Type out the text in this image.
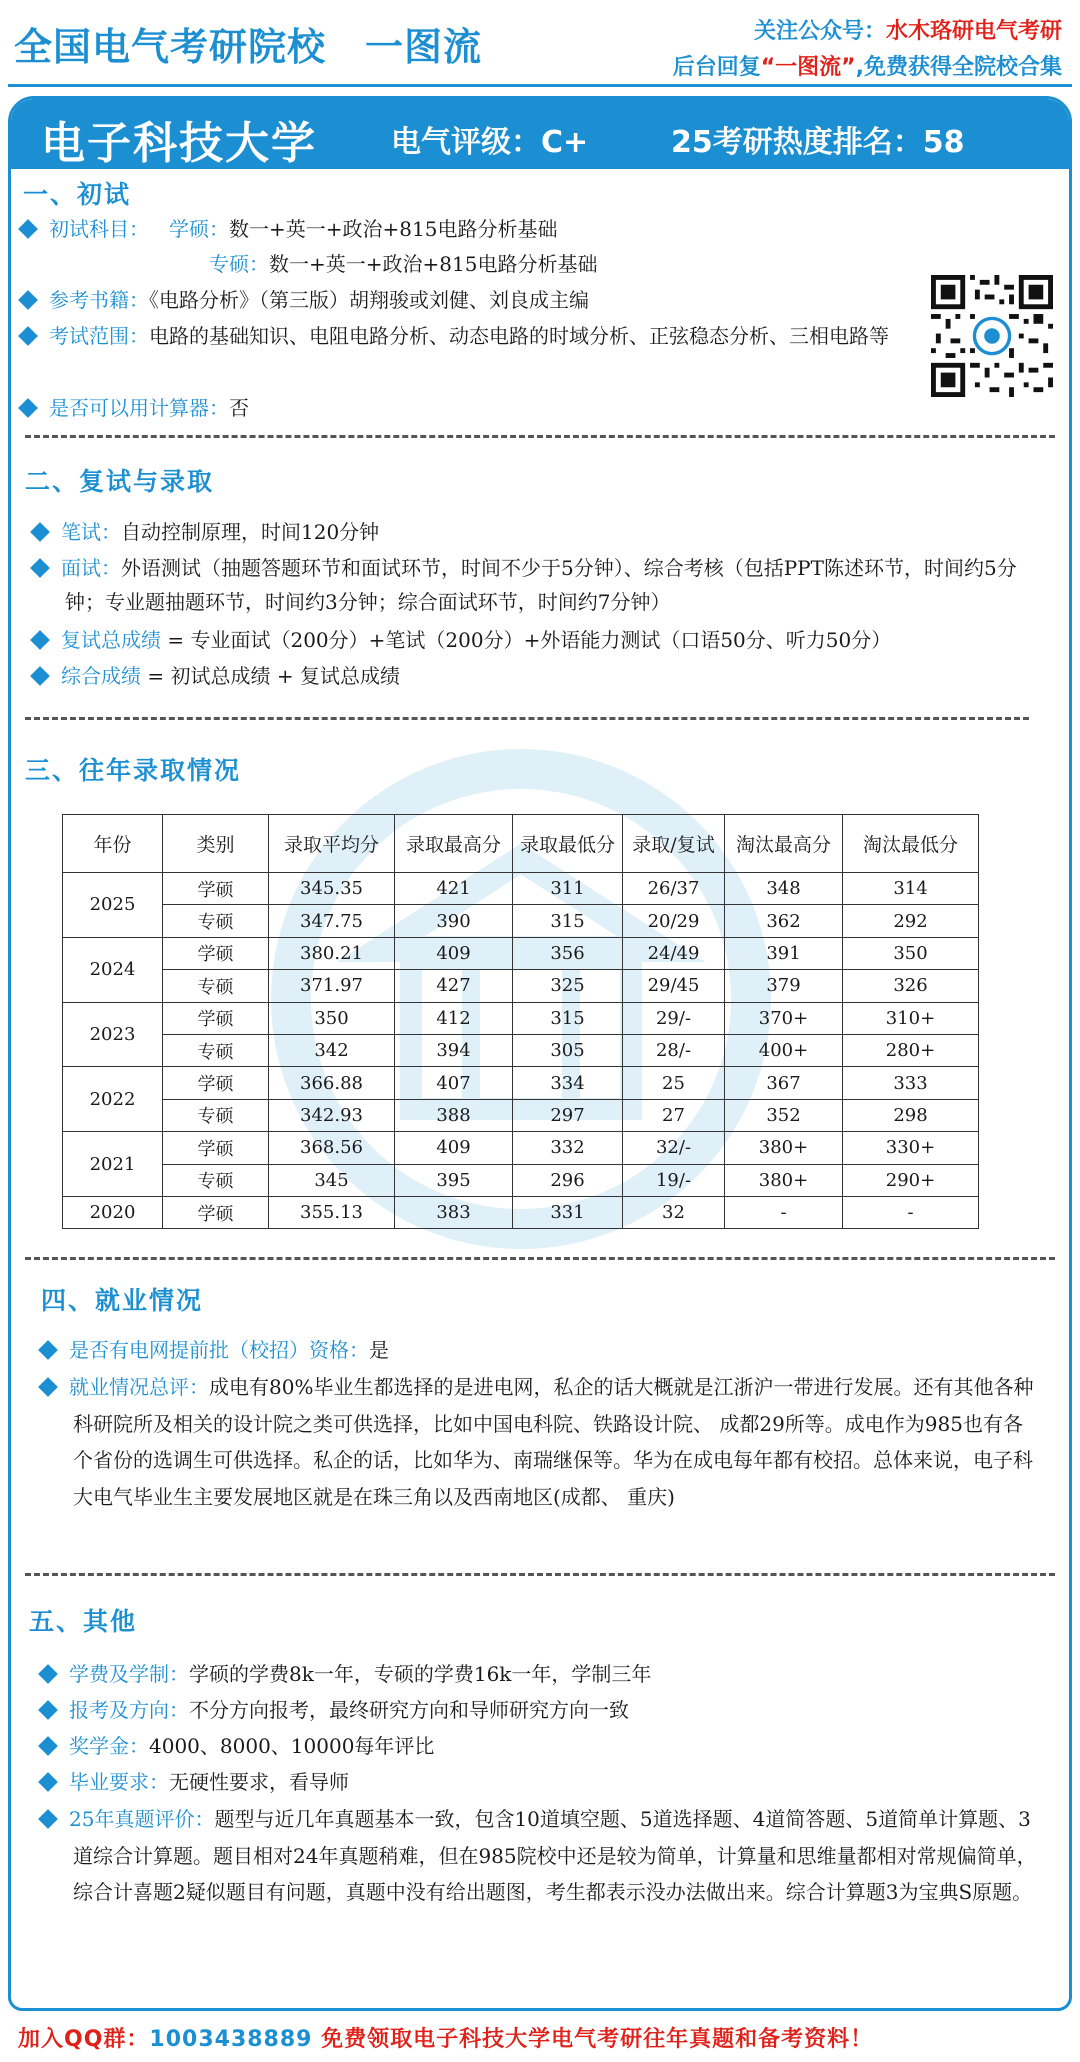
全国电气考研院校　一图流	关注公众号：水木珞研电气考研
后台回复“一图流”,免费获得全院校合集
电子科技大学 电气评级：C+	25考研热度排名：58
一、初试
初试科目： 学硕：数一+英一+政治+815电路分析基础
专硕：数一+英一+政治+815电路分析基础
参考书籍：《电路分析》（第三版）胡翔骏或刘健、刘良成主编
考试范围：电路的基础知识、电阻电路分析、动态电路的时域分析、正弦稳态分析、三相电路等
是否可以用计算器：否
二、复试与录取
笔试：自动控制原理，时间120分钟
面试：外语测试（抽题答题环节和面试环节，时间不少于5分钟）、综合考核（包括PPT陈述环节，时间约5分钟；专业题抽题环节，时间约3分钟；综合面试环节，时间约7分钟）
复试总成绩 = 专业面试（200分）+笔试（200分）+外语能力测试（口语50分、听力50分）
综合成绩 = 初试总成绩 + 复试总成绩
三、往年录取情况
四、就业情况
是否有电网提前批（校招）资格：是
就业情况总评：成电有80%毕业生都选择的是进电网，私企的话大概就是江浙沪一带进行发展。还有其他各种科研院所及相关的设计院之类可供选择，比如中国电科院、铁路设计院、 成都29所等。成电作为985也有各个省份的选调生可供选择。私企的话，比如华为、南瑞继保等。华为在成电每年都有校招。总体来说，电子科大电气毕业生主要发展地区就是在珠三角以及西南地区(成都、 重庆)
五、其他
学费及学制：学硕的学费8k一年，专硕的学费16k一年，学制三年
报考及方向：不分方向报考，最终研究方向和导师研究方向一致
奖学金：4000、8000、10000每年评比
毕业要求：无硬性要求，看导师
25年真题评价：题型与近几年真题基本一致，包含10道填空题、5道选择题、4道简答题、5道简单计算题、3道综合计算题。题目相对24年真题稍难，但在985院校中还是较为简单，计算量和思维量都相对常规偏简单，综合计喜题2疑似题目有问题，真题中没有给出题图，考生都表示没办法做出来。综合计算题3为宝典S原题。
年份	类别	录取平均分	录取最高分	录取最低分	录取/复试	淘汰最高分	淘汰最低分
2025	学硕	345.35	421	311	26/37	348	314
	专硕	347.75	390	315	20/29	362	292
2024	学硕	380.21	409	356	24/49	391	350
	专硕	371.97	427	325	29/45	379	326
2023	学硕	350	412	315	29/-	370+	310+
	专硕	342	394	305	28/-	400+	280+
2022	学硕	366.88	407	334	25	367	333
	专硕	342.93	388	297	27	352	298
2021	学硕	368.56	409	332	32/-	380+	330+
	专硕	345	395	296	19/-	380+	290+
2020	学硕	355.13	383	331	32	-	-
加入QQ群：1003438889 免费领取电子科技大学电气考研往年真题和备考资料！
